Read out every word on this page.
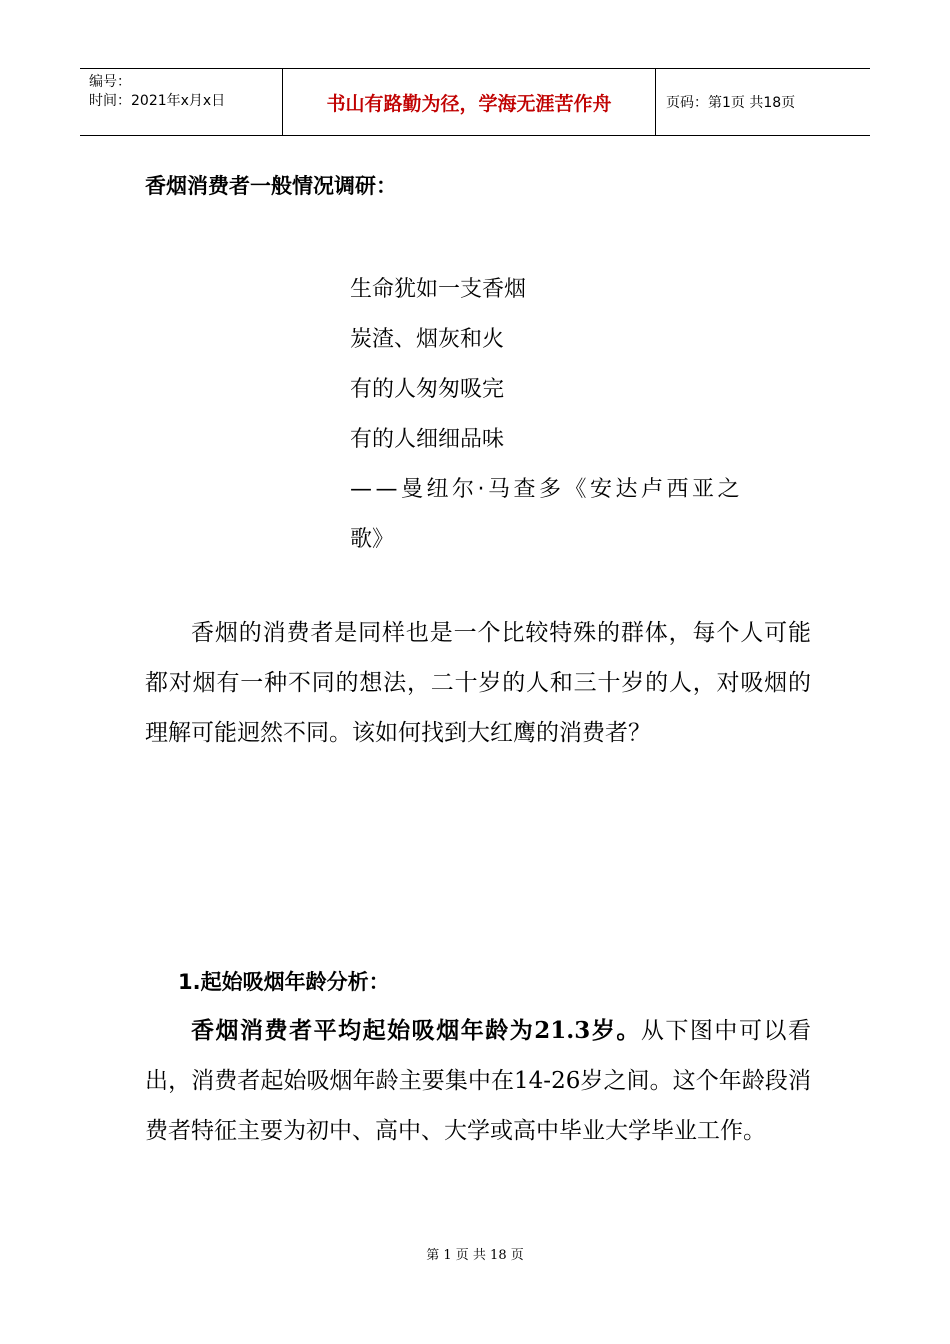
编号：
时间：2021年x月x日	书山有路勤为径，学海无涯苦作舟	页码：第1页 共18页
香烟消费者一般情况调研：
生命犹如一支香烟
炭渣、烟灰和火
有的人匆匆吸完
有的人细细品味
——曼纽尔·马查多《安达卢西亚之
歌》

香烟的消费者是同样也是一个比较特殊的群体，每个人可能都对烟有一种不同的想法，二十岁的人和三十岁的人，对吸烟的理解可能迥然不同。该如何找到大红鹰的消费者？

1.起始吸烟年龄分析：

香烟消费者平均起始吸烟年龄为21.3岁。从下图中可以看出，消费者起始吸烟年龄主要集中在14-26岁之间。这个年龄段消费者特征主要为初中、高中、大学或高中毕业大学毕业工作。

第 1 页 共 18 页
